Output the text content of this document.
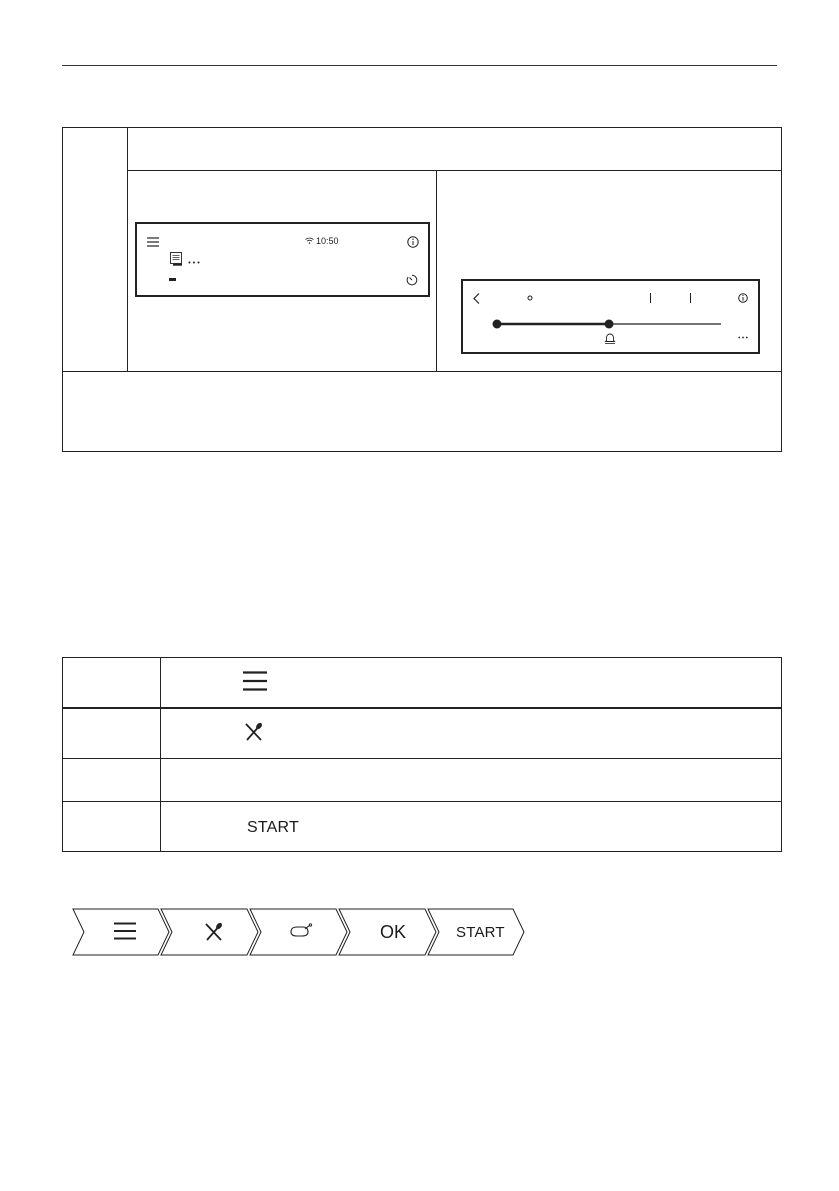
10:50
START
OK	START
